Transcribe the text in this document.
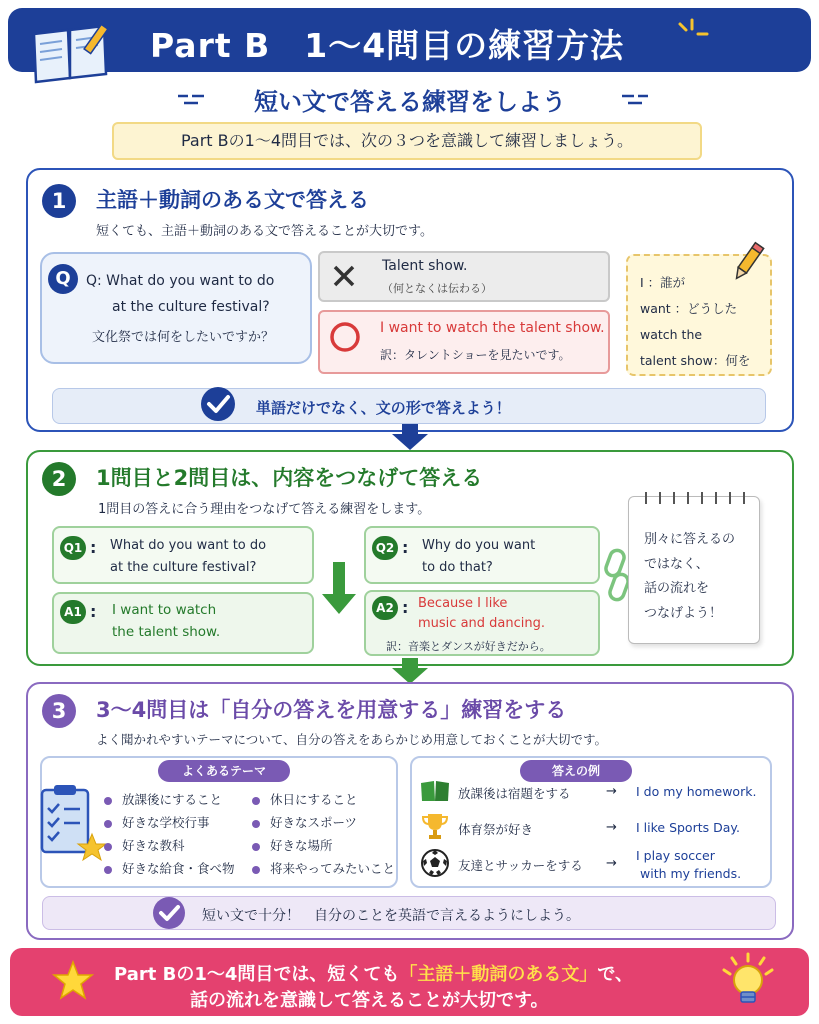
Part B　1〜4問目の練習方法
短い文で答える練習をしよう
Part Bの1〜4問目では、次の３つを意識して練習しましょう。
1	主語＋動詞のある文で答える
短くても、主語＋動詞のある文で答えることが大切です。
Q	Q: What do you want to do
at the culture festival?
文化祭では何をしたいですか？
Talent show.
（何となくは伝わる）
I want to watch the talent show.
訳：タレントショーを見たいです。
I ：誰が
want ：どうした
watch the
talent show：何を
単語だけでなく、文の形で答えよう！
2	1問目と2問目は、内容をつなげて答える
1問目の答えに合う理由をつなげて答える練習をします。
Q1 : What do you want to do
at the culture festival?
A1 : I want to watch
the talent show.
Q2 : Why do you want
to do that?
A2 : Because I like
music and dancing.
訳：音楽とダンスが好きだから。
別々に答えるの
ではなく、
話の流れを
つなげよう！
3	3〜4問目は「自分の答えを用意する」練習をする
よく聞かれやすいテーマについて、自分の答えをあらかじめ用意しておくことが大切です。
よくあるテーマ
放課後にすること
好きな学校行事
好きな教科
好きな給食・食べ物
休日にすること
好きなスポーツ
好きな場所
将来やってみたいこと
答えの例
放課後は宿題をする	→ I do my homework.
体育祭が好き	→ I like Sports Day.
友達とサッカーをする →
I play soccer
with my friends.
短い文で十分！　自分のことを英語で言えるようにしよう。
Part Bの1〜4問目では、短くても「主語＋動詞のある文」で、
話の流れを意識して答えることが大切です。
